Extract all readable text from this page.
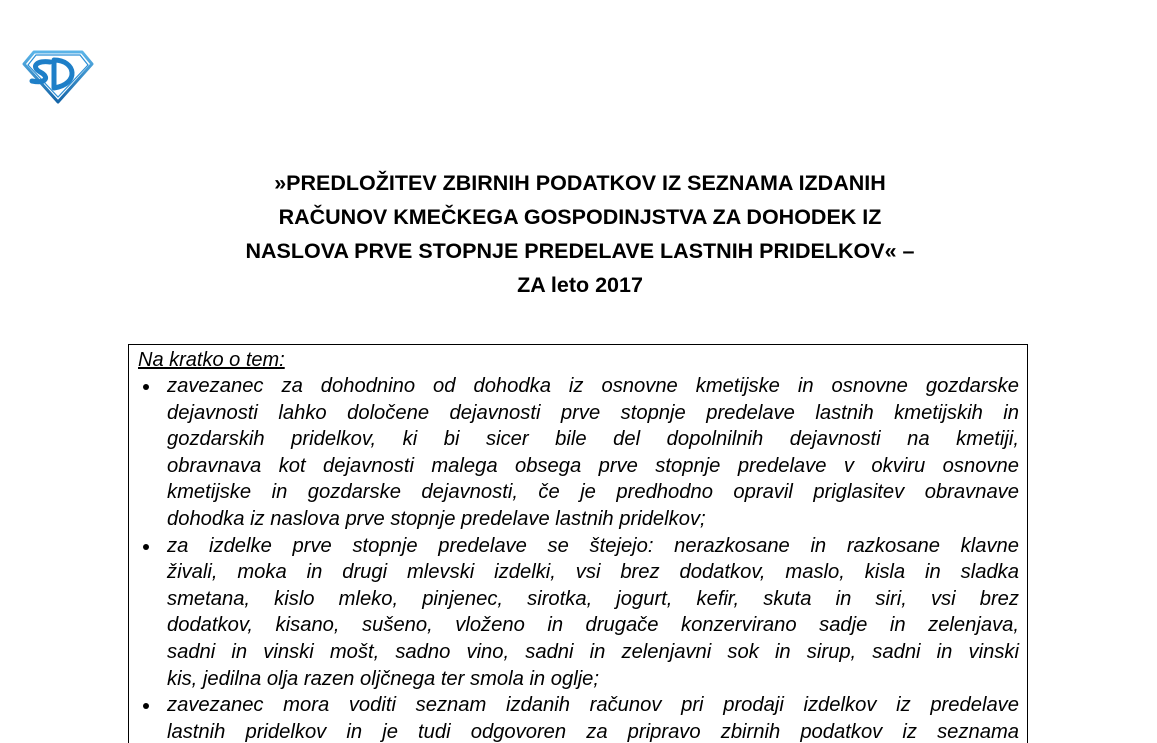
»PREDLOŽITEV ZBIRNIH PODATKOV IZ SEZNAMA IZDANIH
RAČUNOV KMEČKEGA GOSPODINJSTVA ZA DOHODEK IZ
NASLOVA PRVE STOPNJE PREDELAVE LASTNIH PRIDELKOV« –
ZA leto 2017

Na kratko o tem:

zavezanec za dohodnino od dohodka iz osnovne kmetijske in osnovne gozdarske
dejavnosti lahko določene dejavnosti prve stopnje predelave lastnih kmetijskih in
gozdarskih pridelkov, ki bi sicer bile del dopolnilnih dejavnosti na kmetiji,
obravnava kot dejavnosti malega obsega prve stopnje predelave v okviru osnovne
kmetijske in gozdarske dejavnosti, če je predhodno opravil priglasitev obravnave
dohodka iz naslova prve stopnje predelave lastnih pridelkov;
za izdelke prve stopnje predelave se štejejo: nerazkosane in razkosane klavne
živali, moka in drugi mlevski izdelki, vsi brez dodatkov, maslo, kisla in sladka
smetana, kislo mleko, pinjenec, sirotka, jogurt, kefir, skuta in siri, vsi brez
dodatkov, kisano, sušeno, vloženo in drugače konzervirano sadje in zelenjava,
sadni in vinski mošt, sadno vino, sadni in zelenjavni sok in sirup, sadni in vinski
kis, jedilna olja razen oljčnega ter smola in oglje;
zavezanec mora voditi seznam izdanih računov pri prodaji izdelkov iz predelave
lastnih pridelkov in je tudi odgovoren za pripravo zbirnih podatkov iz seznama
